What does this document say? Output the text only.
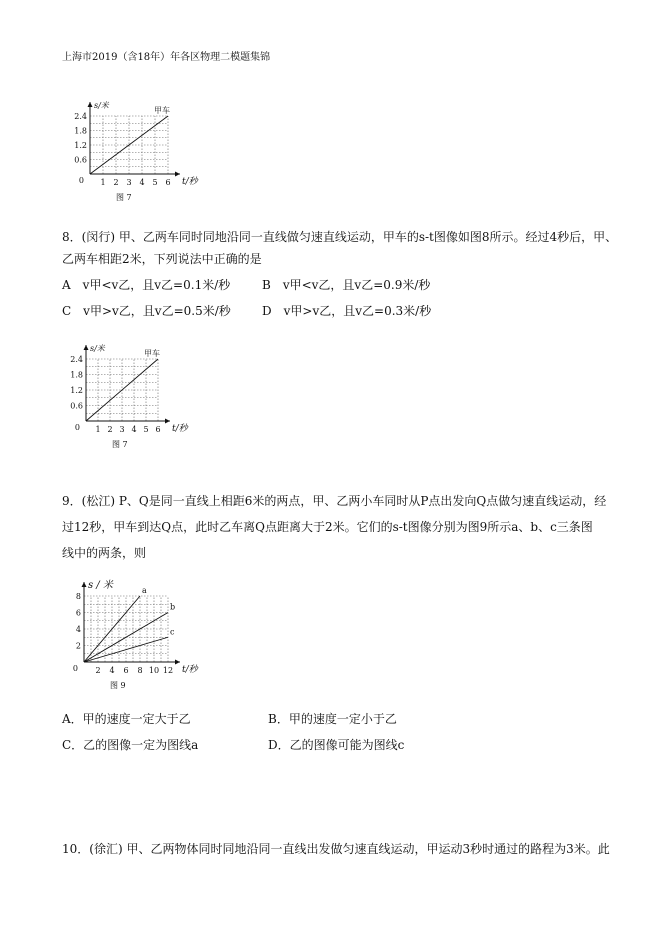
上海市2019（含18年）年各区物理二模题集锦
1 2 3 4 5 6
2.4
1.8
1.2
0.6
0
s/米
t/秒
甲车
图 7
8．(闵行) 甲、乙两车同时同地沿同一直线做匀速直线运动，甲车的s-t图像如图8所示。经过4秒后，甲、
乙两车相距2米，下列说法中正确的是
A　v甲<v乙，且v乙=0.1米/秒	B　v甲<v乙，且v乙=0.9米/秒
C　v甲>v乙，且v乙=0.5米/秒	D　v甲>v乙，且v乙=0.3米/秒
1 2 3 4 5 6
2.4
1.8
1.2
0.6
0
s/米
t/秒
甲车
图 7
9．(松江) P、Q是同一直线上相距6米的两点，甲、乙两小车同时从P点出发向Q点做匀速直线运动，经
过12秒，甲车到达Q点，此时乙车离Q点距离大于2米。它们的s-t图像分别为图9所示a、b、c三条图
线中的两条，则
2 4 6 8 10 12
8
6
4
2
0
s / 米
t/秒
a
b
c
图 9
A．甲的速度一定大于乙	B．甲的速度一定小于乙
C．乙的图像一定为图线a	D．乙的图像可能为图线c
10．(徐汇) 甲、乙两物体同时同地沿同一直线出发做匀速直线运动，甲运动3秒时通过的路程为3米。此
